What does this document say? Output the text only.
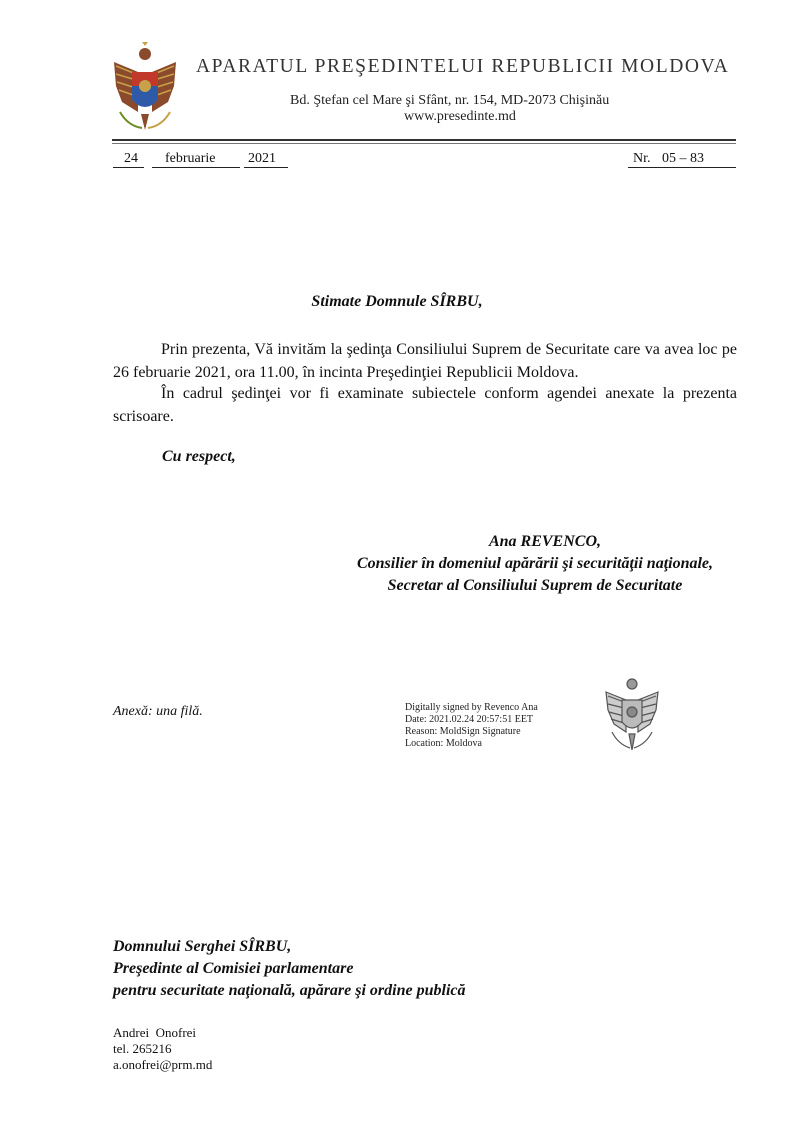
APARATUL PREŞEDINTELUI REPUBLICII MOLDOVA
Bd. Ştefan cel Mare şi Sfânt, nr. 154, MD-2073 Chişinău
www.presedinte.md
24 februarie 2021	Nr. 05 – 83
Stimate Domnule SÎRBU,
Prin prezenta, Vă invităm la şedinţa Consiliului Suprem de Securitate care va avea loc pe 26 februarie 2021, ora 11.00, în incinta Preşedinţiei Republicii Moldova.
În cadrul şedinţei vor fi examinate subiectele conform agendei anexate la prezenta scrisoare.
Cu respect,
Ana REVENCO,
Consilier în domeniul apărării şi securităţii naţionale,
Secretar al Consiliului Suprem de Securitate
Anexă: una filă.	Digitally signed by Revenco Ana
Date: 2021.02.24 20:57:51 EET
Reason: MoldSign Signature
Location: Moldova
Domnului Serghei SÎRBU,
Preşedinte al Comisiei parlamentare
pentru securitate naţională, apărare şi ordine publică
Andrei  Onofrei
tel. 265216
a.onofrei@prm.md
